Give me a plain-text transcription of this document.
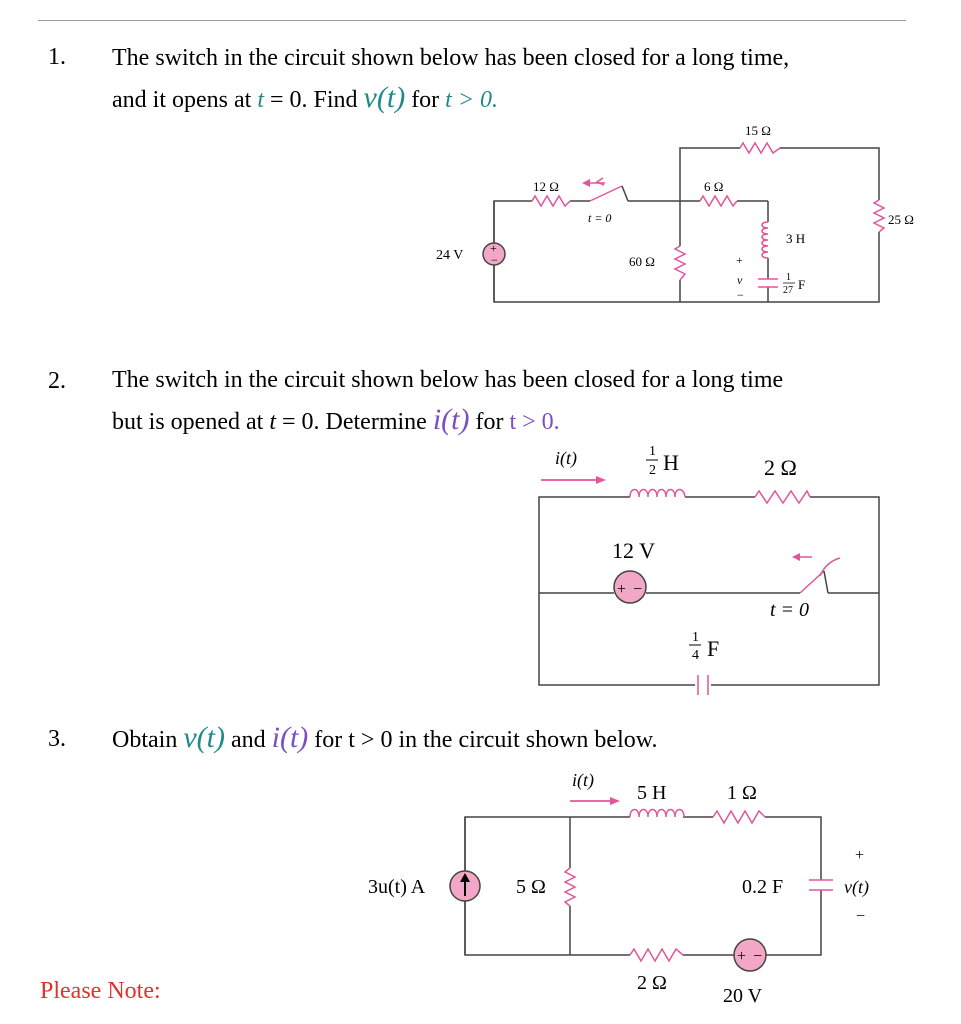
1. The switch in the circuit shown below has been closed for a long time,
and it opens at t = 0. Find v(t) for t > 0.
+
−
24 V
12 Ω
t = 0
60 Ω
6 Ω
15 Ω
3 H
25 Ω
1
27 F
+
v
−
2. The switch in the circuit shown below has been closed for a long time
but is opened at t = 0. Determine i(t) for t > 0.
+ −
i(t)	1
2 H	2 Ω
12 V
t = 0
1
4 F
3. Obtain v(t) and i(t) for t > 0 in the circuit shown below.
+ −
i(t)
5 H	1 Ω
3u(t) A	5 Ω	0.2 F
+
v(t)
−
2 Ω
20 V
Please Note:
